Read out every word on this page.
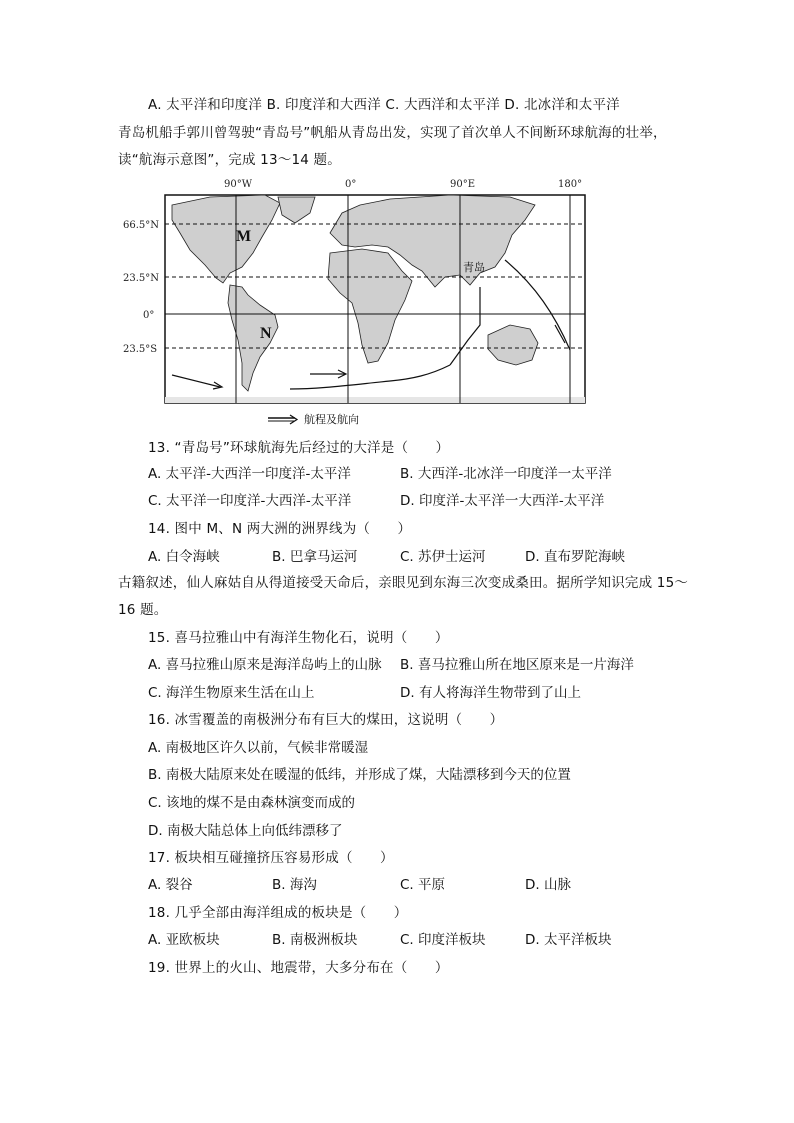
A. 太平洋和印度洋 B. 印度洋和大西洋 C. 大西洋和太平洋 D. 北冰洋和太平洋
青岛机船手郭川曾驾驶“青岛号”帆船从青岛出发，实现了首次单人不间断环球航海的壮举，
读“航海示意图”，完成 13～14 题。
90°W	0°	90°E	180°
66.5°N
23.5°N
0°
23.5°S
M
N
青岛
航程及航向
13. “青岛号”环球航海先后经过的大洋是（　　）
A. 太平洋-大西洋一印度洋-太平洋	B. 大西洋-北冰洋一印度洋一太平洋
C. 太平洋一印度洋-大西洋-太平洋	D. 印度洋-太平洋一大西洋-太平洋
14. 图中 M、N 两大洲的洲界线为（　　）
A. 白令海峡	B. 巴拿马运河	C. 苏伊士运河	D. 直布罗陀海峡
古籍叙述，仙人麻姑自从得道接受天命后，亲眼见到东海三次变成桑田。据所学知识完成 15～
16 题。
15. 喜马拉雅山中有海洋生物化石，说明（　　）
A. 喜马拉雅山原来是海洋岛屿上的山脉 B. 喜马拉雅山所在地区原来是一片海洋
C. 海洋生物原来生活在山上	D. 有人将海洋生物带到了山上
16. 冰雪覆盖的南极洲分布有巨大的煤田，这说明（　　）
A. 南极地区许久以前，气候非常暖湿
B. 南极大陆原来处在暖湿的低纬，并形成了煤，大陆漂移到今天的位置
C. 该地的煤不是由森林演变而成的
D. 南极大陆总体上向低纬漂移了
17. 板块相互碰撞挤压容易形成（　　）
A. 裂谷	B. 海沟	C. 平原	D. 山脉
18. 几乎全部由海洋组成的板块是（　　）
A. 亚欧板块	B. 南极洲板块	C. 印度洋板块	D. 太平洋板块
19. 世界上的火山、地震带，大多分布在（　　）
